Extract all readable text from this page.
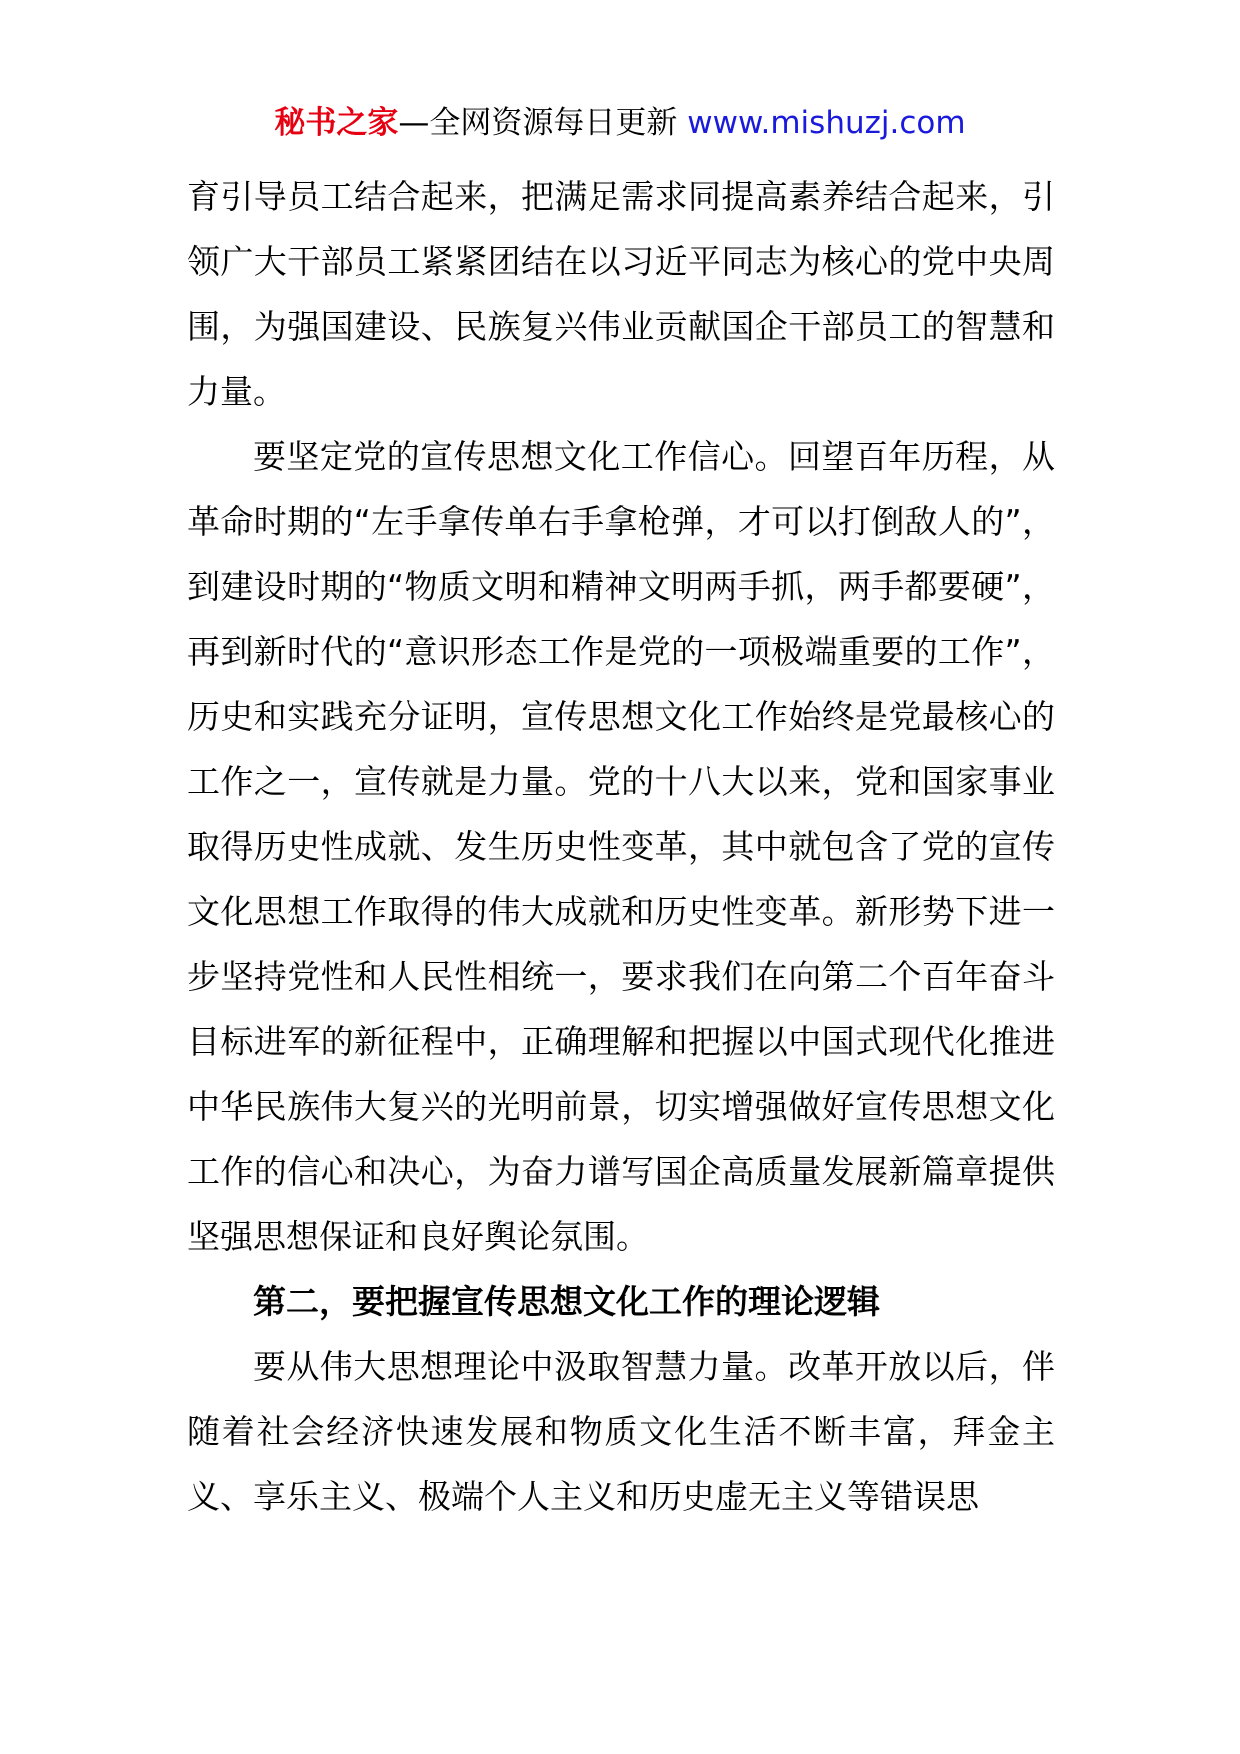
秘书之家—全网资源每日更新 www.mishuzj.com

育引导员工结合起来，把满足需求同提高素养结合起来，引领广大干部员工紧紧团结在以习近平同志为核心的党中央周围，为强国建设、民族复兴伟业贡献国企干部员工的智慧和力量。

要坚定党的宣传思想文化工作信心。回望百年历程，从革命时期的“左手拿传单右手拿枪弹，才可以打倒敌人的”，到建设时期的“物质文明和精神文明两手抓，两手都要硬”，再到新时代的“意识形态工作是党的一项极端重要的工作”，历史和实践充分证明，宣传思想文化工作始终是党最核心的工作之一，宣传就是力量。党的十八大以来，党和国家事业取得历史性成就、发生历史性变革，其中就包含了党的宣传文化思想工作取得的伟大成就和历史性变革。新形势下进一步坚持党性和人民性相统一，要求我们在向第二个百年奋斗目标进军的新征程中，正确理解和把握以中国式现代化推进中华民族伟大复兴的光明前景，切实增强做好宣传思想文化工作的信心和决心，为奋力谱写国企高质量发展新篇章提供坚强思想保证和良好舆论氛围。

第二，要把握宣传思想文化工作的理论逻辑

要从伟大思想理论中汲取智慧力量。改革开放以后，伴随着社会经济快速发展和物质文化生活不断丰富，拜金主义、享乐主义、极端个人主义和历史虚无主义等错误思
